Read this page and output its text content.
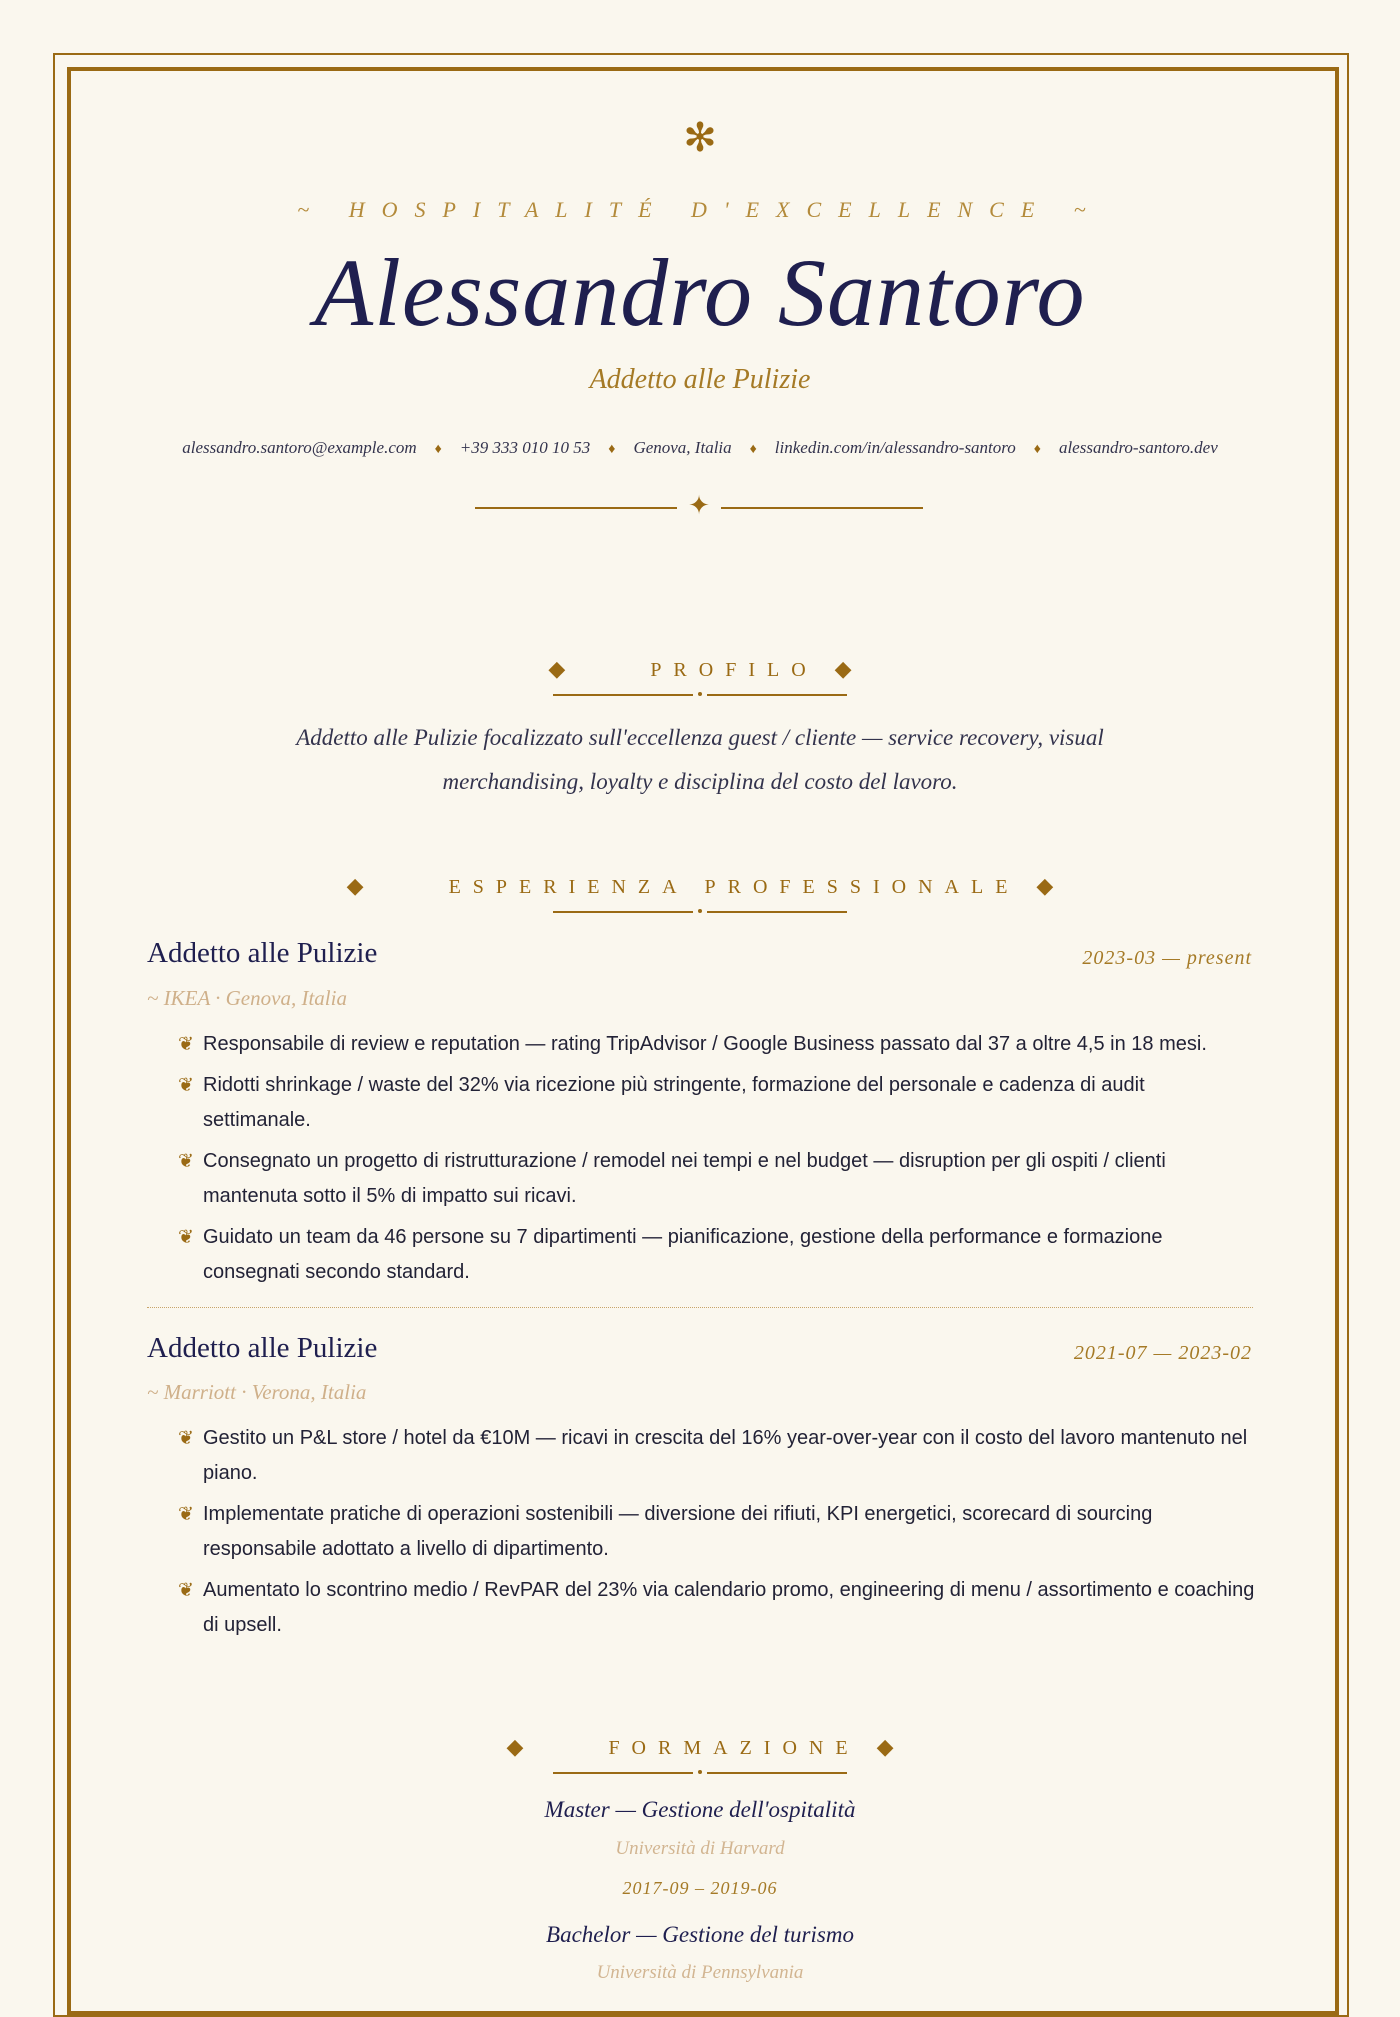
✻
~ HOSPITALITÉ D'EXCELLENCE ~
Alessandro Santoro
Addetto alle Pulizie
alessandro.santoro@example.com ♦ +39 333 010 10 53 ♦ Genova, Italia ♦ linkedin.com/in/alessandro-santoro ♦ alessandro-santoro.dev
✦
◆	PROFILO ◆
Addetto alle Pulizie focalizzato sull'eccellenza guest / cliente — service recovery, visual merchandising, loyalty e disciplina del costo del lavoro.
◆	ESPERIENZA PROFESSIONALE ◆
Addetto alle Pulizie	2023-03 — present
~ IKEA · Genova, Italia
❦ Responsabile di review e reputation — rating TripAdvisor / Google Business passato dal 37 a oltre 4,5 in 18 mesi.
❦ Ridotti shrinkage / waste del 32% via ricezione più stringente, formazione del personale e cadenza di audit settimanale.
❦ Consegnato un progetto di ristrutturazione / remodel nei tempi e nel budget — disruption per gli ospiti / clienti mantenuta sotto il 5% di impatto sui ricavi.
❦ Guidato un team da 46 persone su 7 dipartimenti — pianificazione, gestione della performance e formazione consegnati secondo standard.
Addetto alle Pulizie	2021-07 — 2023-02
~ Marriott · Verona, Italia
❦ Gestito un P&L store / hotel da €10M — ricavi in crescita del 16% year-over-year con il costo del lavoro mantenuto nel piano.
❦ Implementate pratiche di operazioni sostenibili — diversione dei rifiuti, KPI energetici, scorecard di sourcing responsabile adottato a livello di dipartimento.
❦ Aumentato lo scontrino medio / RevPAR del 23% via calendario promo, engineering di menu / assortimento e coaching di upsell.
◆	FORMAZIONE ◆
Master — Gestione dell'ospitalità
Università di Harvard
2017-09 – 2019-06
Bachelor — Gestione del turismo
Università di Pennsylvania
